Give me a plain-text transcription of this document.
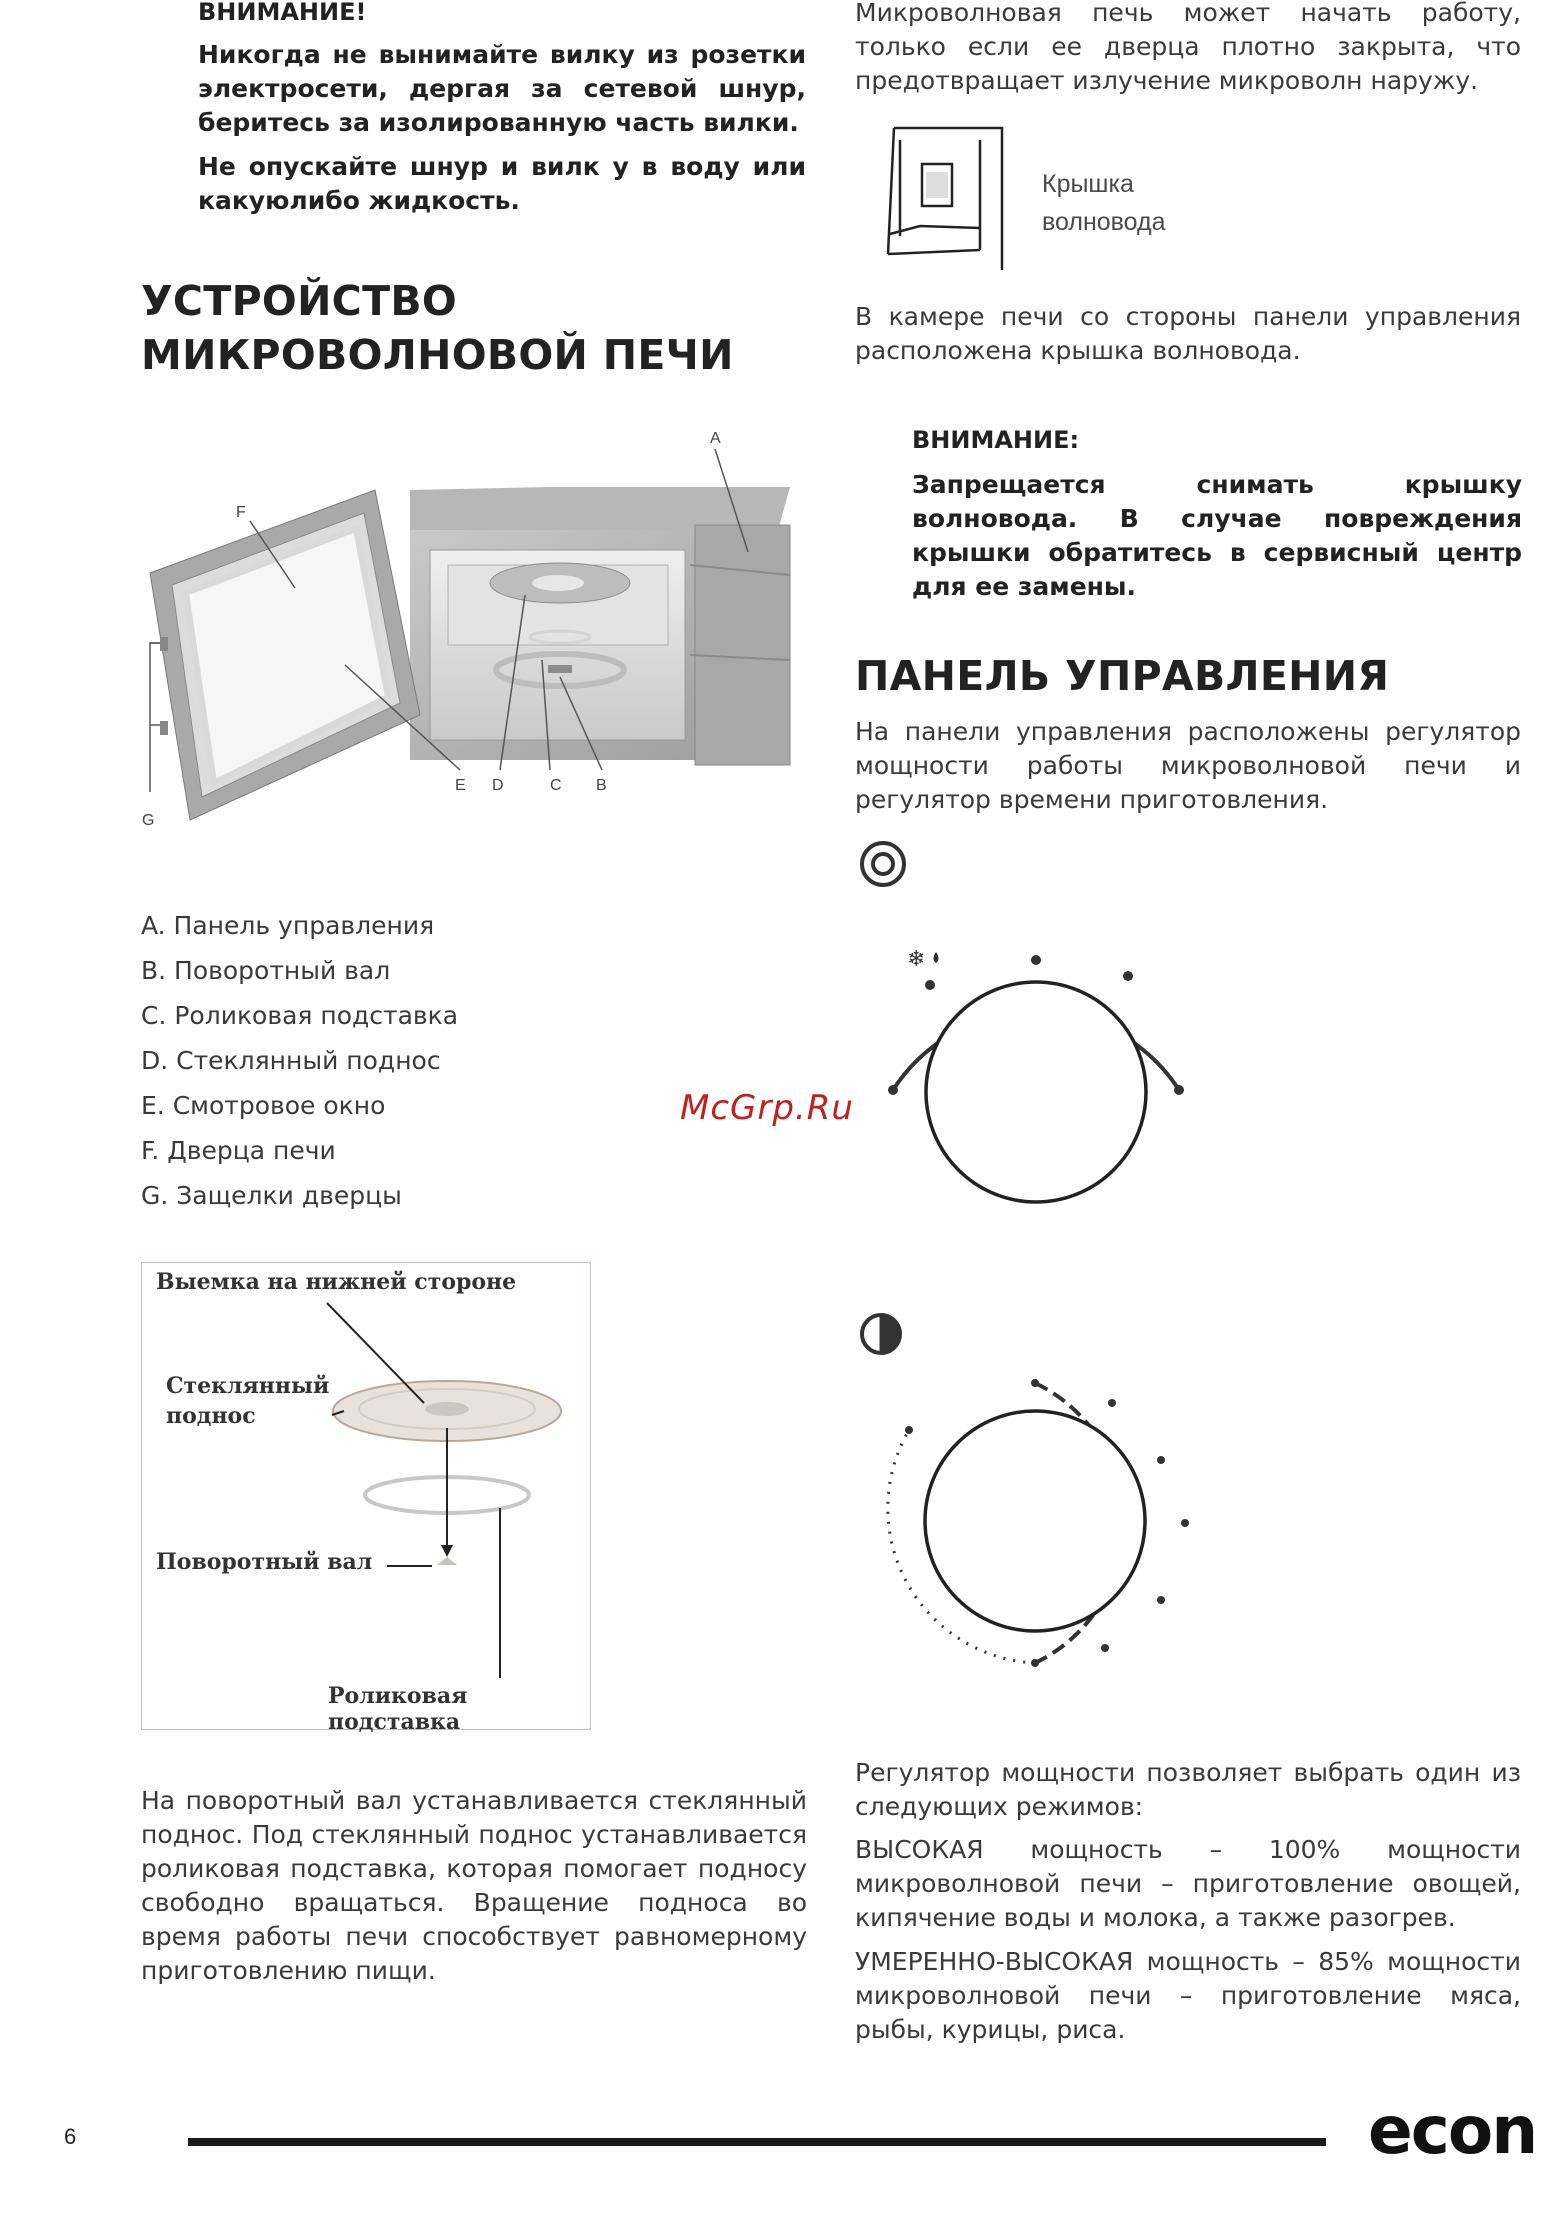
ВНИМАНИЕ!
Никогда не вынимайте вилку из розетки электросети, дергая за сетевой шнур, беритесь за изолированную часть вилки.
Не опускайте шнур и вилк у в воду или какуюлибо жидкость.
УСТРОЙСТВО
МИКРОВОЛНОВОЙ ПЕЧИ
A
F
E D	C B
G
A. Панель управления
B. Поворотный вал
C. Роликовая подставка
D. Стеклянный поднос
E. Смотровое окно
F. Дверца печи
G. Защелки дверцы
Выемка на нижней стороне
Стеклянный
поднос
Поворотный вал
Роликовая подставка
На поворотный вал устанавливается стеклянный поднос. Под стеклянный поднос устанавливается роликовая подставка, которая помогает подносу свободно вращаться. Вращение подноса во время работы печи способствует равномерному приготовлению пищи.
Микроволновая печь может начать работу, только если ее дверца плотно закрыта, что предотвращает излучение микроволн наружу.
Крышка
волновода
В камере печи со стороны панели управления расположена крышка волновода.
ВНИМАНИЕ:
Запрещается снимать крышку волновода. В случае повреждения крышки обратитесь в сервисный центр для ее замены.
ПАНЕЛЬ УПРАВЛЕНИЯ
На панели управления расположены регулятор мощности работы микроволновой печи и регулятор времени приготовления.
❄
Регулятор мощности позволяет выбрать один из следующих режимов:
ВЫСОКАЯ мощность – 100% мощности микроволновой печи – приготовление овощей, кипячение воды и молока, а также разогрев.
УМЕРЕННО-ВЫСОКАЯ мощность – 85% мощности микроволновой печи – приготовление мяса, рыбы, курицы, риса.
McGrp.Ru
6	econ
